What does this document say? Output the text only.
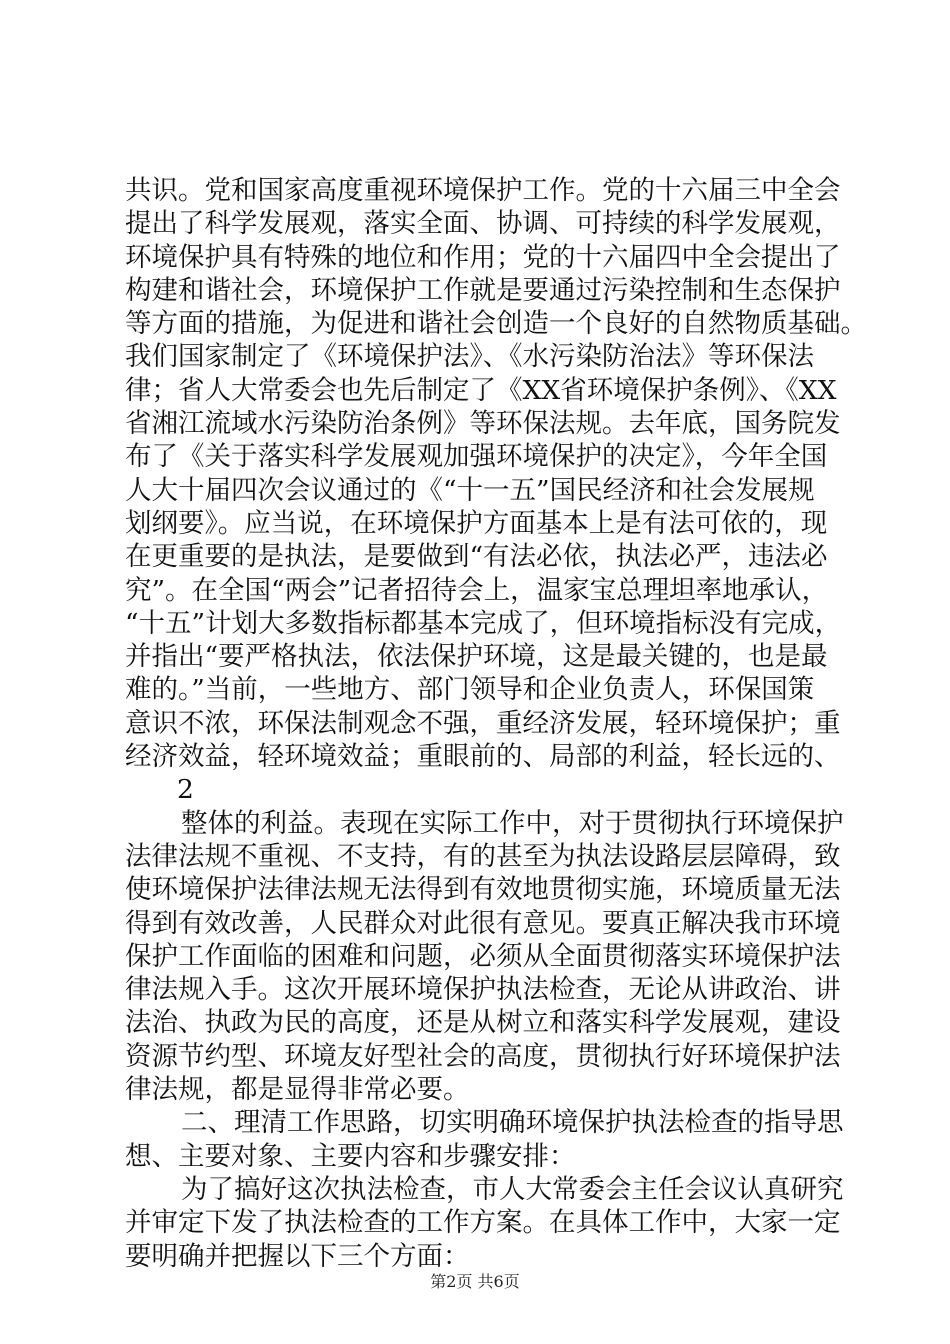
共识。党和国家高度重视环境保护工作。党的十六届三中全会
提出了科学发展观，落实全面、协调、可持续的科学发展观，
环境保护具有特殊的地位和作用；党的十六届四中全会提出了
构建和谐社会，环境保护工作就是要通过污染控制和生态保护
等方面的措施，为促进和谐社会创造一个良好的自然物质基础。
我们国家制定了《环境保护法》、《水污染防治法》等环保法
律；省人大常委会也先后制定了《XX省环境保护条例》、《XX
省湘江流域水污染防治条例》等环保法规。去年底，国务院发
布了《关于落实科学发展观加强环境保护的决定》，今年全国
人大十届四次会议通过的《“十一五”国民经济和社会发展规
划纲要》。应当说，在环境保护方面基本上是有法可依的，现
在更重要的是执法，是要做到“有法必依，执法必严，违法必
究”。在全国“两会”记者招待会上，温家宝总理坦率地承认，
“十五”计划大多数指标都基本完成了，但环境指标没有完成，
并指出“要严格执法，依法保护环境，这是最关键的，也是最
难的。”当前，一些地方、部门领导和企业负责人，环保国策
意识不浓，环保法制观念不强，重经济发展，轻环境保护；重
经济效益，轻环境效益；重眼前的、局部的利益，轻长远的、
2
整体的利益。表现在实际工作中，对于贯彻执行环境保护
法律法规不重视、不支持，有的甚至为执法设路层层障碍，致
使环境保护法律法规无法得到有效地贯彻实施，环境质量无法
得到有效改善，人民群众对此很有意见。要真正解决我市环境
保护工作面临的困难和问题，必须从全面贯彻落实环境保护法
律法规入手。这次开展环境保护执法检查，无论从讲政治、讲
法治、执政为民的高度，还是从树立和落实科学发展观，建设
资源节约型、环境友好型社会的高度，贯彻执行好环境保护法
律法规，都是显得非常必要。
二、理清工作思路，切实明确环境保护执法检查的指导思
想、主要对象、主要内容和步骤安排：
为了搞好这次执法检查，市人大常委会主任会议认真研究
并审定下发了执法检查的工作方案。在具体工作中，大家一定
要明确并把握以下三个方面：
第2页 共6页
